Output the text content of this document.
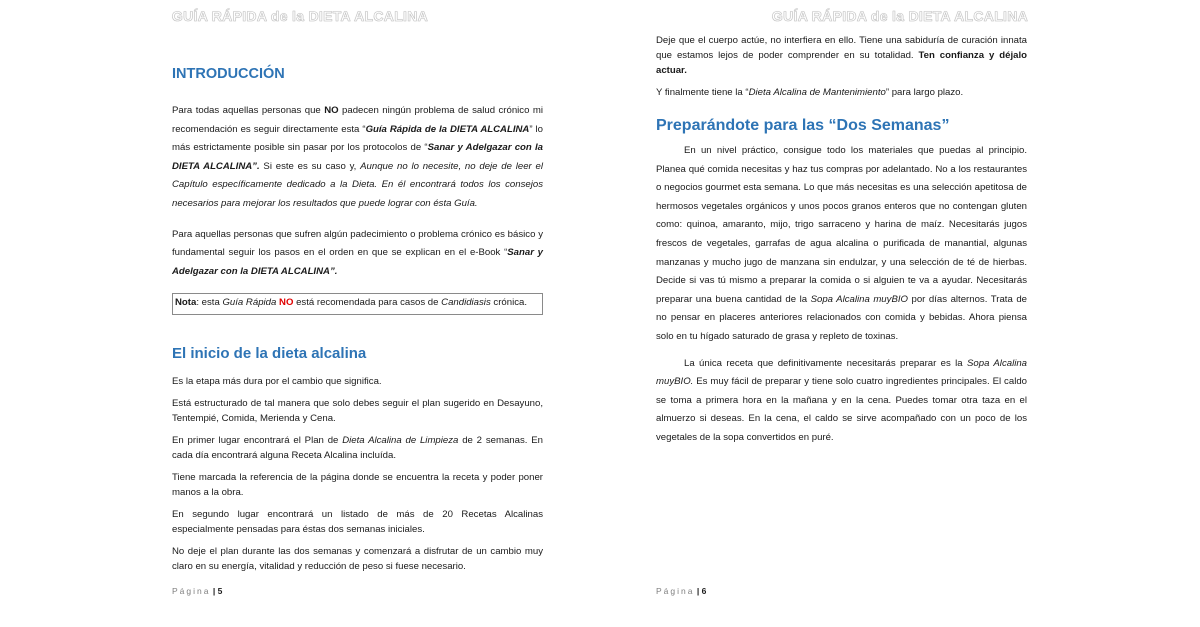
GUÍA RÁPIDA de la DIETA ALCALINA
INTRODUCCIÓN

Para todas aquellas personas que NO padecen ningún problema de salud crónico mi recomendación es seguir directamente esta “Guía Rápida de la DIETA ALCALINA” lo más estrictamente posible sin pasar por los protocolos de “Sanar y Adelgazar con la DIETA ALCALINA”. Si este es su caso y, Aunque no lo necesite, no deje de leer el Capítulo específicamente dedicado a la Dieta. En él encontrará todos los consejos necesarios para mejorar los resultados que puede lograr con ésta Guía.

Para aquellas personas que sufren algún padecimiento o problema crónico es básico y fundamental seguir los pasos en el orden en que se explican en el e-Book “Sanar y Adelgazar con la DIETA ALCALINA”.

Nota: esta Guía Rápida NO está recomendada para casos de Candidiasis crónica.
El inicio de la dieta alcalina

Es la etapa más dura por el cambio que significa.

Está estructurado de tal manera que solo debes seguir el plan sugerido en Desayuno, Tentempié, Comida, Merienda y Cena.

En primer lugar encontrará el Plan de Dieta Alcalina de Limpieza de 2 semanas. En cada día encontrará alguna Receta Alcalina incluída.

Tiene marcada la referencia de la página donde se encuentra la receta y poder poner manos a la obra.

En segundo lugar encontrará un listado de más de 20 Recetas Alcalinas especialmente pensadas para éstas dos semanas iniciales.

No deje el plan durante las dos semanas y comenzará a disfrutar de un cambio muy claro en su energía, vitalidad y reducción de peso si fuese necesario.

Página | 5
GUÍA RÁPIDA de la DIETA ALCALINA

Deje que el cuerpo actúe, no interfiera en ello. Tiene una sabiduría de curación innata que estamos lejos de poder comprender en su totalidad. Ten confianza y déjalo actuar.

Y finalmente tiene la “Dieta Alcalina de Mantenimiento” para largo plazo.

Preparándote para las “Dos Semanas”

En un nivel práctico, consigue todo los materiales que puedas al principio. Planea qué comida necesitas y haz tus compras por adelantado. No a los restaurantes o negocios gourmet esta semana. Lo que más necesitas es una selección apetitosa de hermosos vegetales orgánicos y unos pocos granos enteros que no contengan gluten como: quinoa, amaranto, mijo, trigo sarraceno y harina de maíz. Necesitarás jugos frescos de vegetales, garrafas de agua alcalina o purificada de manantial, algunas manzanas y mucho jugo de manzana sin endulzar, y una selección de té de hierbas. Decide si vas tú mismo a preparar la comida o si alguien te va a ayudar. Necesitarás preparar una buena cantidad de la Sopa Alcalina muyBIO por días alternos. Trata de no pensar en placeres anteriores relacionados con comida y bebidas. Ahora piensa solo en tu hígado saturado de grasa y repleto de toxinas.

La única receta que definitivamente necesitarás preparar es la Sopa Alcalina muyBIO. Es muy fácil de preparar y tiene solo cuatro ingredientes principales. El caldo se toma a primera hora en la mañana y en la cena. Puedes tomar otra taza en el almuerzo si deseas. En la cena, el caldo se sirve acompañado con un poco de los vegetales de la sopa convertidos en puré.

Página | 6
